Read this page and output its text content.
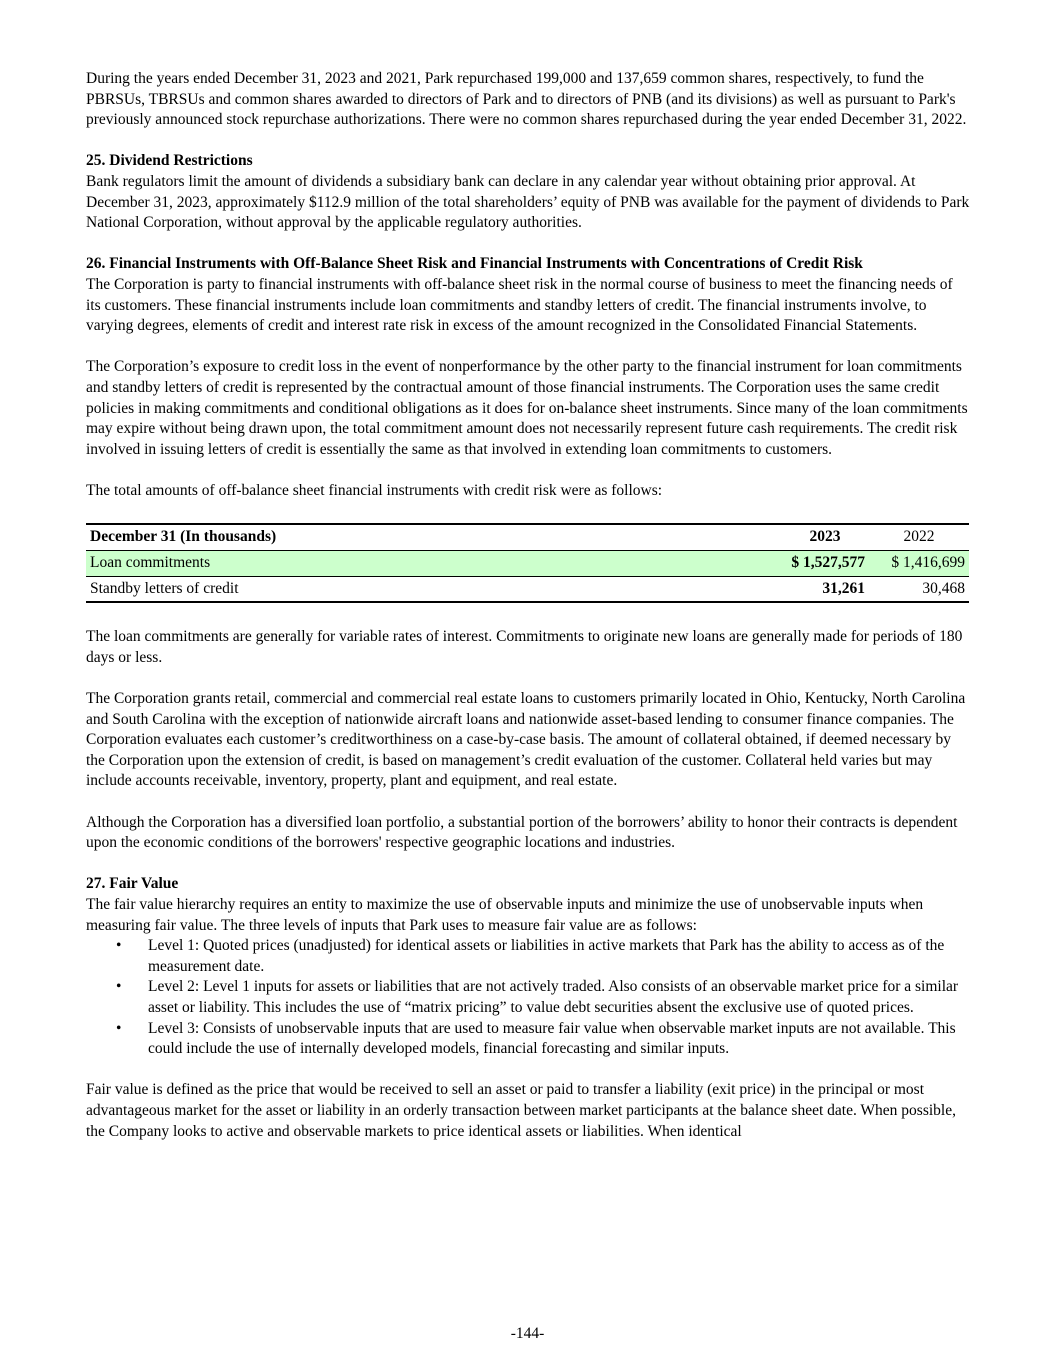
During the years ended December 31, 2023 and 2021, Park repurchased 199,000 and 137,659 common shares, respectively, to fund the PBRSUs, TBRSUs and common shares awarded to directors of Park and to directors of PNB (and its divisions) as well as pursuant to Park's previously announced stock repurchase authorizations. There were no common shares repurchased during the year ended December 31, 2022.

25. Dividend Restrictions

Bank regulators limit the amount of dividends a subsidiary bank can declare in any calendar year without obtaining prior approval. At December 31, 2023, approximately $112.9 million of the total shareholders’ equity of PNB was available for the payment of dividends to Park National Corporation, without approval by the applicable regulatory authorities.

26. Financial Instruments with Off-Balance Sheet Risk and Financial Instruments with Concentrations of Credit Risk

The Corporation is party to financial instruments with off-balance sheet risk in the normal course of business to meet the financing needs of its customers. These financial instruments include loan commitments and standby letters of credit. The financial instruments involve, to varying degrees, elements of credit and interest rate risk in excess of the amount recognized in the Consolidated Financial Statements.

The Corporation’s exposure to credit loss in the event of nonperformance by the other party to the financial instrument for loan commitments and standby letters of credit is represented by the contractual amount of those financial instruments. The Corporation uses the same credit policies in making commitments and conditional obligations as it does for on-balance sheet instruments. Since many of the loan commitments may expire without being drawn upon, the total commitment amount does not necessarily represent future cash requirements. The credit risk involved in issuing letters of credit is essentially the same as that involved in extending loan commitments to customers.

The total amounts of off-balance sheet financial instruments with credit risk were as follows:

December 31 (In thousands)	2023	2022
Loan commitments	$ 1,527,577	$ 1,416,699
Standby letters of credit	31,261	30,468

The loan commitments are generally for variable rates of interest. Commitments to originate new loans are generally made for periods of 180 days or less.

The Corporation grants retail, commercial and commercial real estate loans to customers primarily located in Ohio, Kentucky, North Carolina and South Carolina with the exception of nationwide aircraft loans and nationwide asset-based lending to consumer finance companies. The Corporation evaluates each customer’s creditworthiness on a case-by-case basis. The amount of collateral obtained, if deemed necessary by the Corporation upon the extension of credit, is based on management’s credit evaluation of the customer. Collateral held varies but may include accounts receivable, inventory, property, plant and equipment, and real estate.

Although the Corporation has a diversified loan portfolio, a substantial portion of the borrowers’ ability to honor their contracts is dependent upon the economic conditions of the borrowers' respective geographic locations and industries.

27. Fair Value

The fair value hierarchy requires an entity to maximize the use of observable inputs and minimize the use of unobservable inputs when measuring fair value. The three levels of inputs that Park uses to measure fair value are as follows:

• Level 1: Quoted prices (unadjusted) for identical assets or liabilities in active markets that Park has the ability to access as of the measurement date.
• Level 2: Level 1 inputs for assets or liabilities that are not actively traded. Also consists of an observable market price for a similar asset or liability. This includes the use of “matrix pricing” to value debt securities absent the exclusive use of quoted prices.
• Level 3: Consists of unobservable inputs that are used to measure fair value when observable market inputs are not available. This could include the use of internally developed models, financial forecasting and similar inputs.

Fair value is defined as the price that would be received to sell an asset or paid to transfer a liability (exit price) in the principal or most advantageous market for the asset or liability in an orderly transaction between market participants at the balance sheet date. When possible, the Company looks to active and observable markets to price identical assets or liabilities. When identical

-144-
